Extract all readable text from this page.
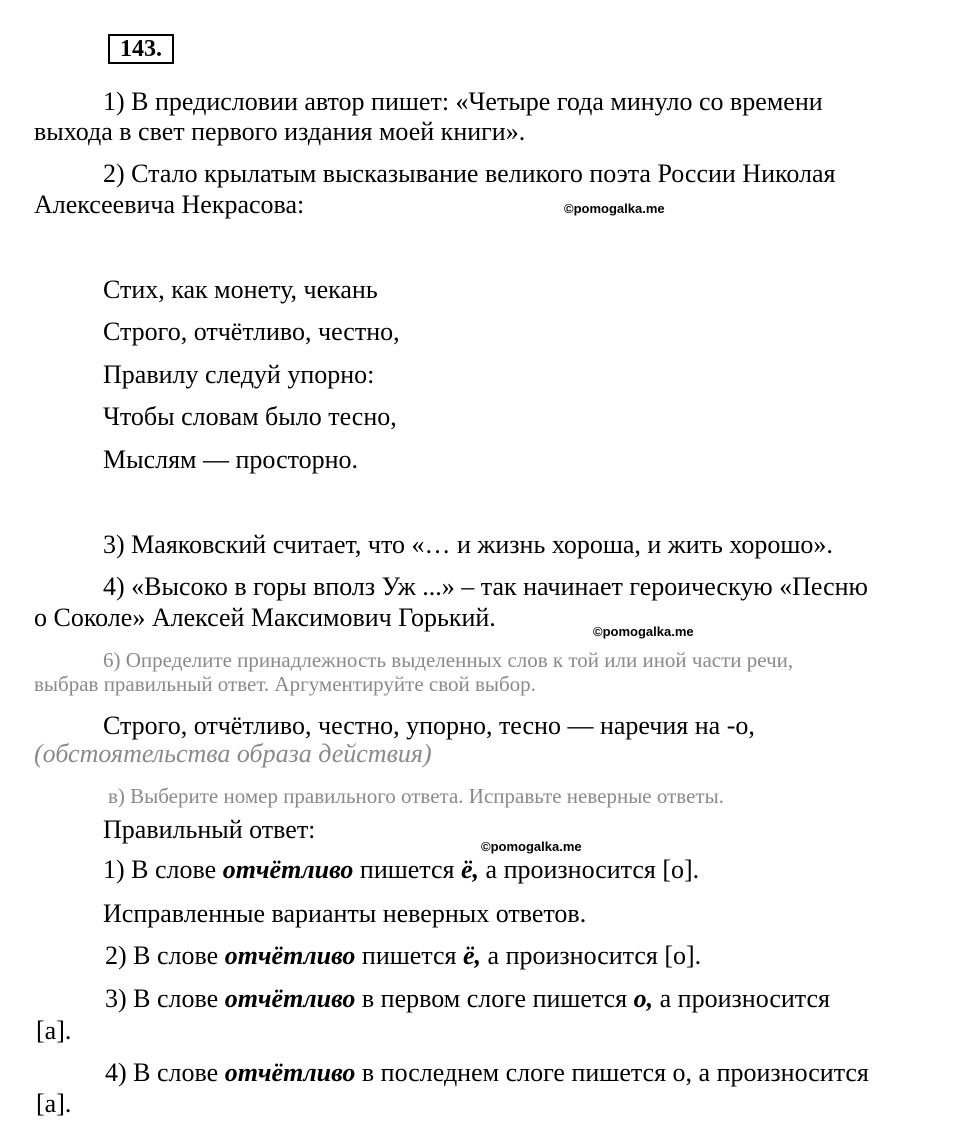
143.
1) В предисловии автор пишет: «Четыре года минуло со времени
выхода в свет первого издания моей книги».
2) Стало крылатым высказывание великого поэта России Николая
Алексеевича Некрасова:	©pomogalka.me
Стих, как монету, чекань
Строго, отчётливо, честно,
Правилу следуй упорно:
Чтобы словам было тесно,
Мыслям — просторно.
3) Маяковский считает, что «… и жизнь хороша, и жить хорошо».
4) «Высоко в горы вполз Уж ...» – так начинает героическую «Песню
о Соколе» Алексей Максимович Горький.	©pomogalka.me
6) Определите принадлежность выделенных слов к той или иной части речи,
выбрав правильный ответ. Аргументируйте свой выбор.
Строго, отчётливо, честно, упорно, тесно — наречия на -о,
(обстоятельства образа действия)
в) Выберите номер правильного ответа. Исправьте неверные ответы.
Правильный ответ:
©pomogalka.me
1) В слове отчётливо пишется ё, а произносится [о].
Исправленные варианты неверных ответов.
2) В слове отчётливо пишется ё, а произносится [о].
3) В слове отчётливо в первом слоге пишется о, а произносится
[а].
4) В слове отчётливо в последнем слоге пишется о, а произносится
[а].
